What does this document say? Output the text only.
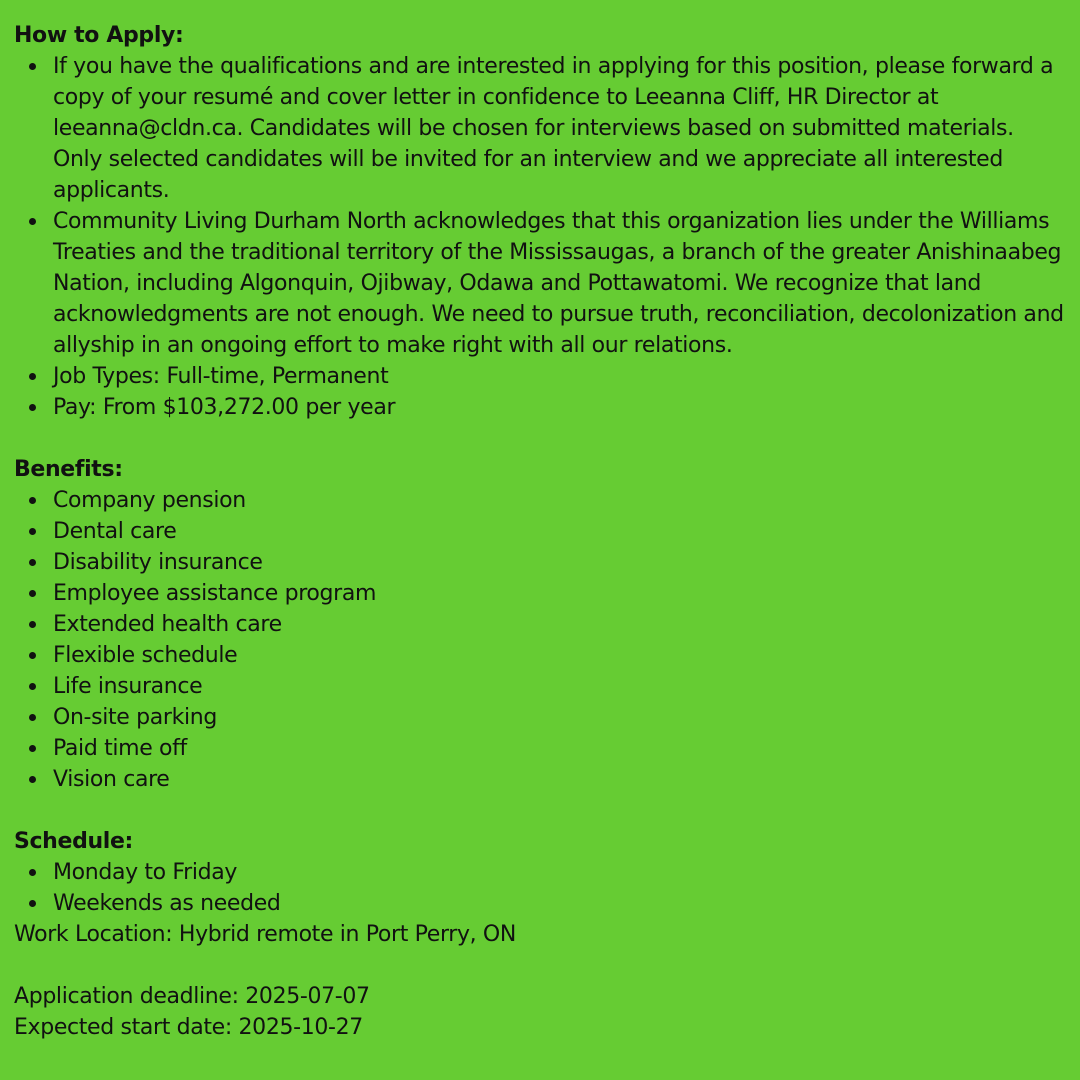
How to Apply:

If you have the qualifications and are interested in applying for this position, please forward a copy of your resumé and cover letter in confidence to Leeanna Cliff, HR Director at leeanna@cldn.ca. Candidates will be chosen for interviews based on submitted materials. Only selected candidates will be invited for an interview and we appreciate all interested applicants.
Community Living Durham North acknowledges that this organization lies under the Williams Treaties and the traditional territory of the Mississaugas, a branch of the greater Anishinaabeg Nation, including Algonquin, Ojibway, Odawa and Pottawatomi. We recognize that land acknowledgments are not enough. We need to pursue truth, reconciliation, decolonization and allyship in an ongoing effort to make right with all our relations.
Job Types: Full-time, Permanent
Pay: From $103,272.00 per year

Benefits:

Company pension
Dental care
Disability insurance
Employee assistance program
Extended health care
Flexible schedule
Life insurance
On-site parking
Paid time off
Vision care

Schedule:

Monday to Friday
Weekends as needed

Work Location: Hybrid remote in Port Perry, ON

Application deadline: 2025-07-07

Expected start date: 2025-10-27
